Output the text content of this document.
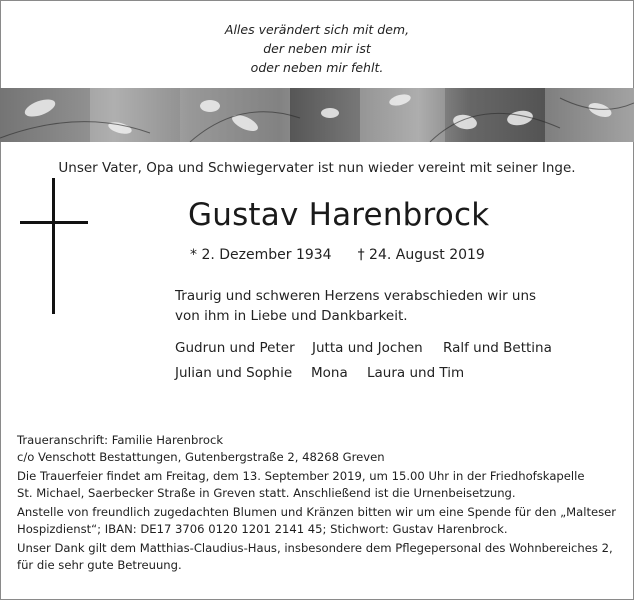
Alles verändert sich mit dem,
der neben mir ist
oder neben mir fehlt.
Unser Vater, Opa und Schwiegervater ist nun wieder vereint mit seiner Inge.
Gustav Harenbrock
* 2. Dezember 1934 † 24. August 2019
Traurig und schweren Herzens verabschieden wir uns
von ihm in Liebe und Dankbarkeit.
Gudrun und Peter Jutta und Jochen Ralf und Bettina
Julian und Sophie Mona Laura und Tim

Traueranschrift: Familie Harenbrock
c/o Venschott Bestattungen, Gutenbergstraße 2, 48268 Greven

Die Trauerfeier findet am Freitag, dem 13. September 2019, um 15.00 Uhr in der Friedhofskapelle
St. Michael, Saerbecker Straße in Greven statt. Anschließend ist die Urnenbeisetzung.

Anstelle von freundlich zugedachten Blumen und Kränzen bitten wir um eine Spende für den „Malteser
Hospizdienst“; IBAN: DE17 3706 0120 1201 2141 45; Stichwort: Gustav Harenbrock.

Unser Dank gilt dem Matthias-Claudius-Haus, insbesondere dem Pflegepersonal des Wohnbereiches 2,
für die sehr gute Betreuung.
